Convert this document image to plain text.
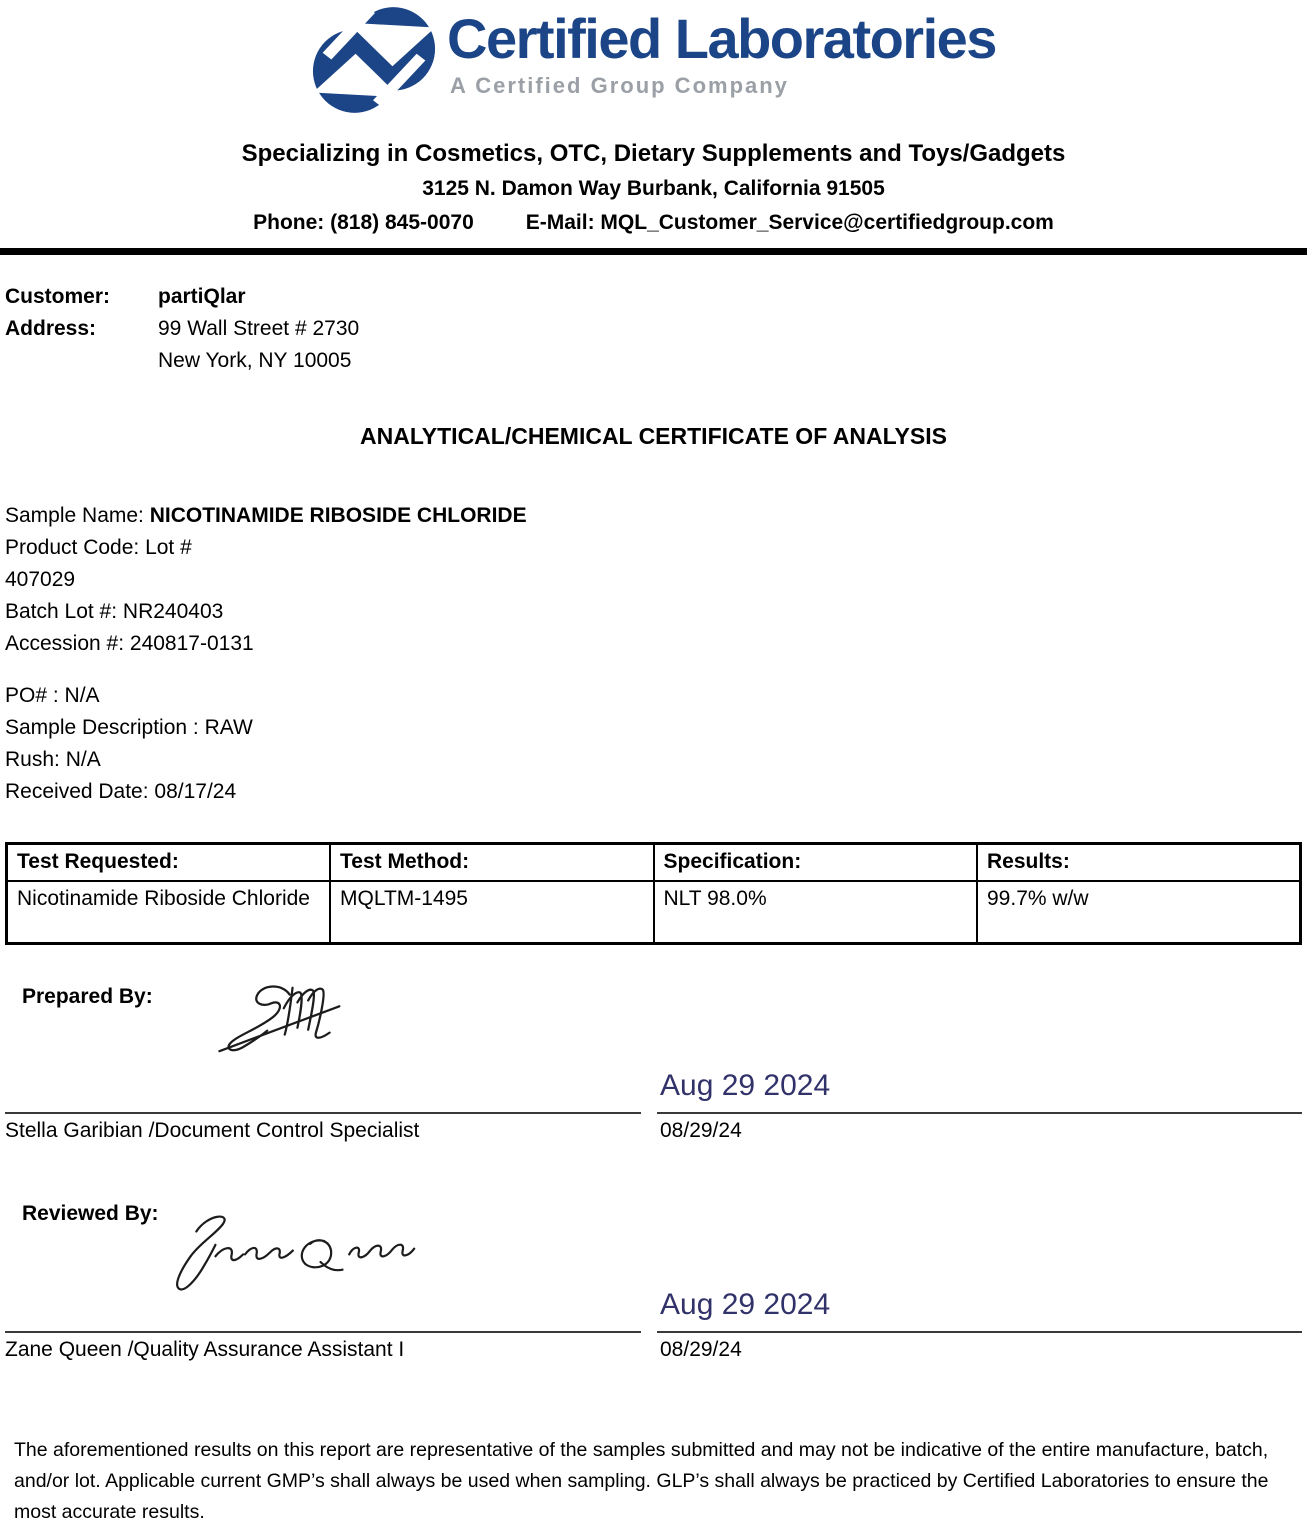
Certified Laboratories
A Certified Group Company
Specializing in Cosmetics, OTC, Dietary Supplements and Toys/Gadgets
3125 N. Damon Way Burbank, California 91505
Phone: (818) 845-0070 E-Mail: MQL_Customer_Service@certifiedgroup.com
Customer:	partiQlar
Address:	99 Wall Street # 2730
New York, NY 10005
ANALYTICAL/CHEMICAL CERTIFICATE OF ANALYSIS
Sample Name: NICOTINAMIDE RIBOSIDE CHLORIDE
Product Code: Lot #
407029
Batch Lot #: NR240403
Accession #: 240817-0131
PO# : N/A
Sample Description : RAW
Rush: N/A
Received Date: 08/17/24
Test Requested:	Test Method:	Specification:	Results:
Nicotinamide Riboside Chloride	MQLTM-1495	NLT 98.0%	99.7% w/w
Prepared By:
Stella Garibian /Document Control Specialist
Aug 29 2024
08/29/24
Reviewed By:
Zane Queen /Quality Assurance Assistant I
Aug 29 2024
08/29/24
The aforementioned results on this report are representative of the samples submitted and may not be indicative of the entire manufacture, batch, and/or lot. Applicable current GMP’s shall always be used when sampling. GLP’s shall always be practiced by Certified Laboratories to ensure the most accurate results.
